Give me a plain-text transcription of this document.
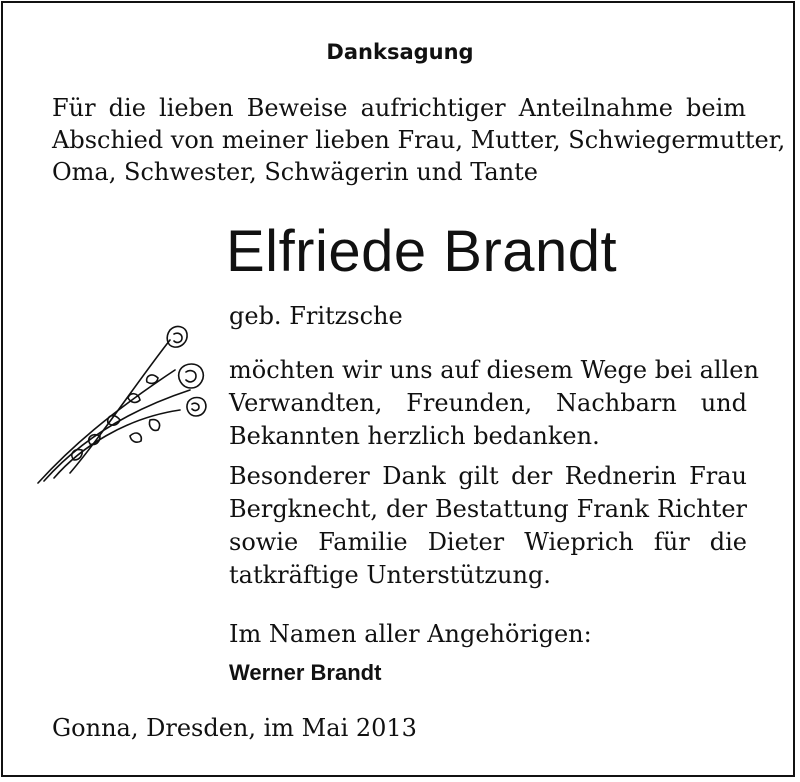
Danksagung
Für die lieben Beweise aufrichtiger Anteilnahme beim
Abschied von meiner lieben Frau, Mutter, Schwiegermutter,
Oma, Schwester, Schwägerin und Tante
Elfriede Brandt
geb. Fritzsche
möchten wir uns auf diesem Wege bei allen
Verwandten, Freunden, Nachbarn und
Bekannten herzlich bedanken.
Besonderer Dank gilt der Rednerin Frau
Bergknecht, der Bestattung Frank Richter
sowie Familie Dieter Wieprich für die
tatkräftige Unterstützung.
Im Namen aller Angehörigen:
Werner Brandt
Gonna, Dresden, im Mai 2013
